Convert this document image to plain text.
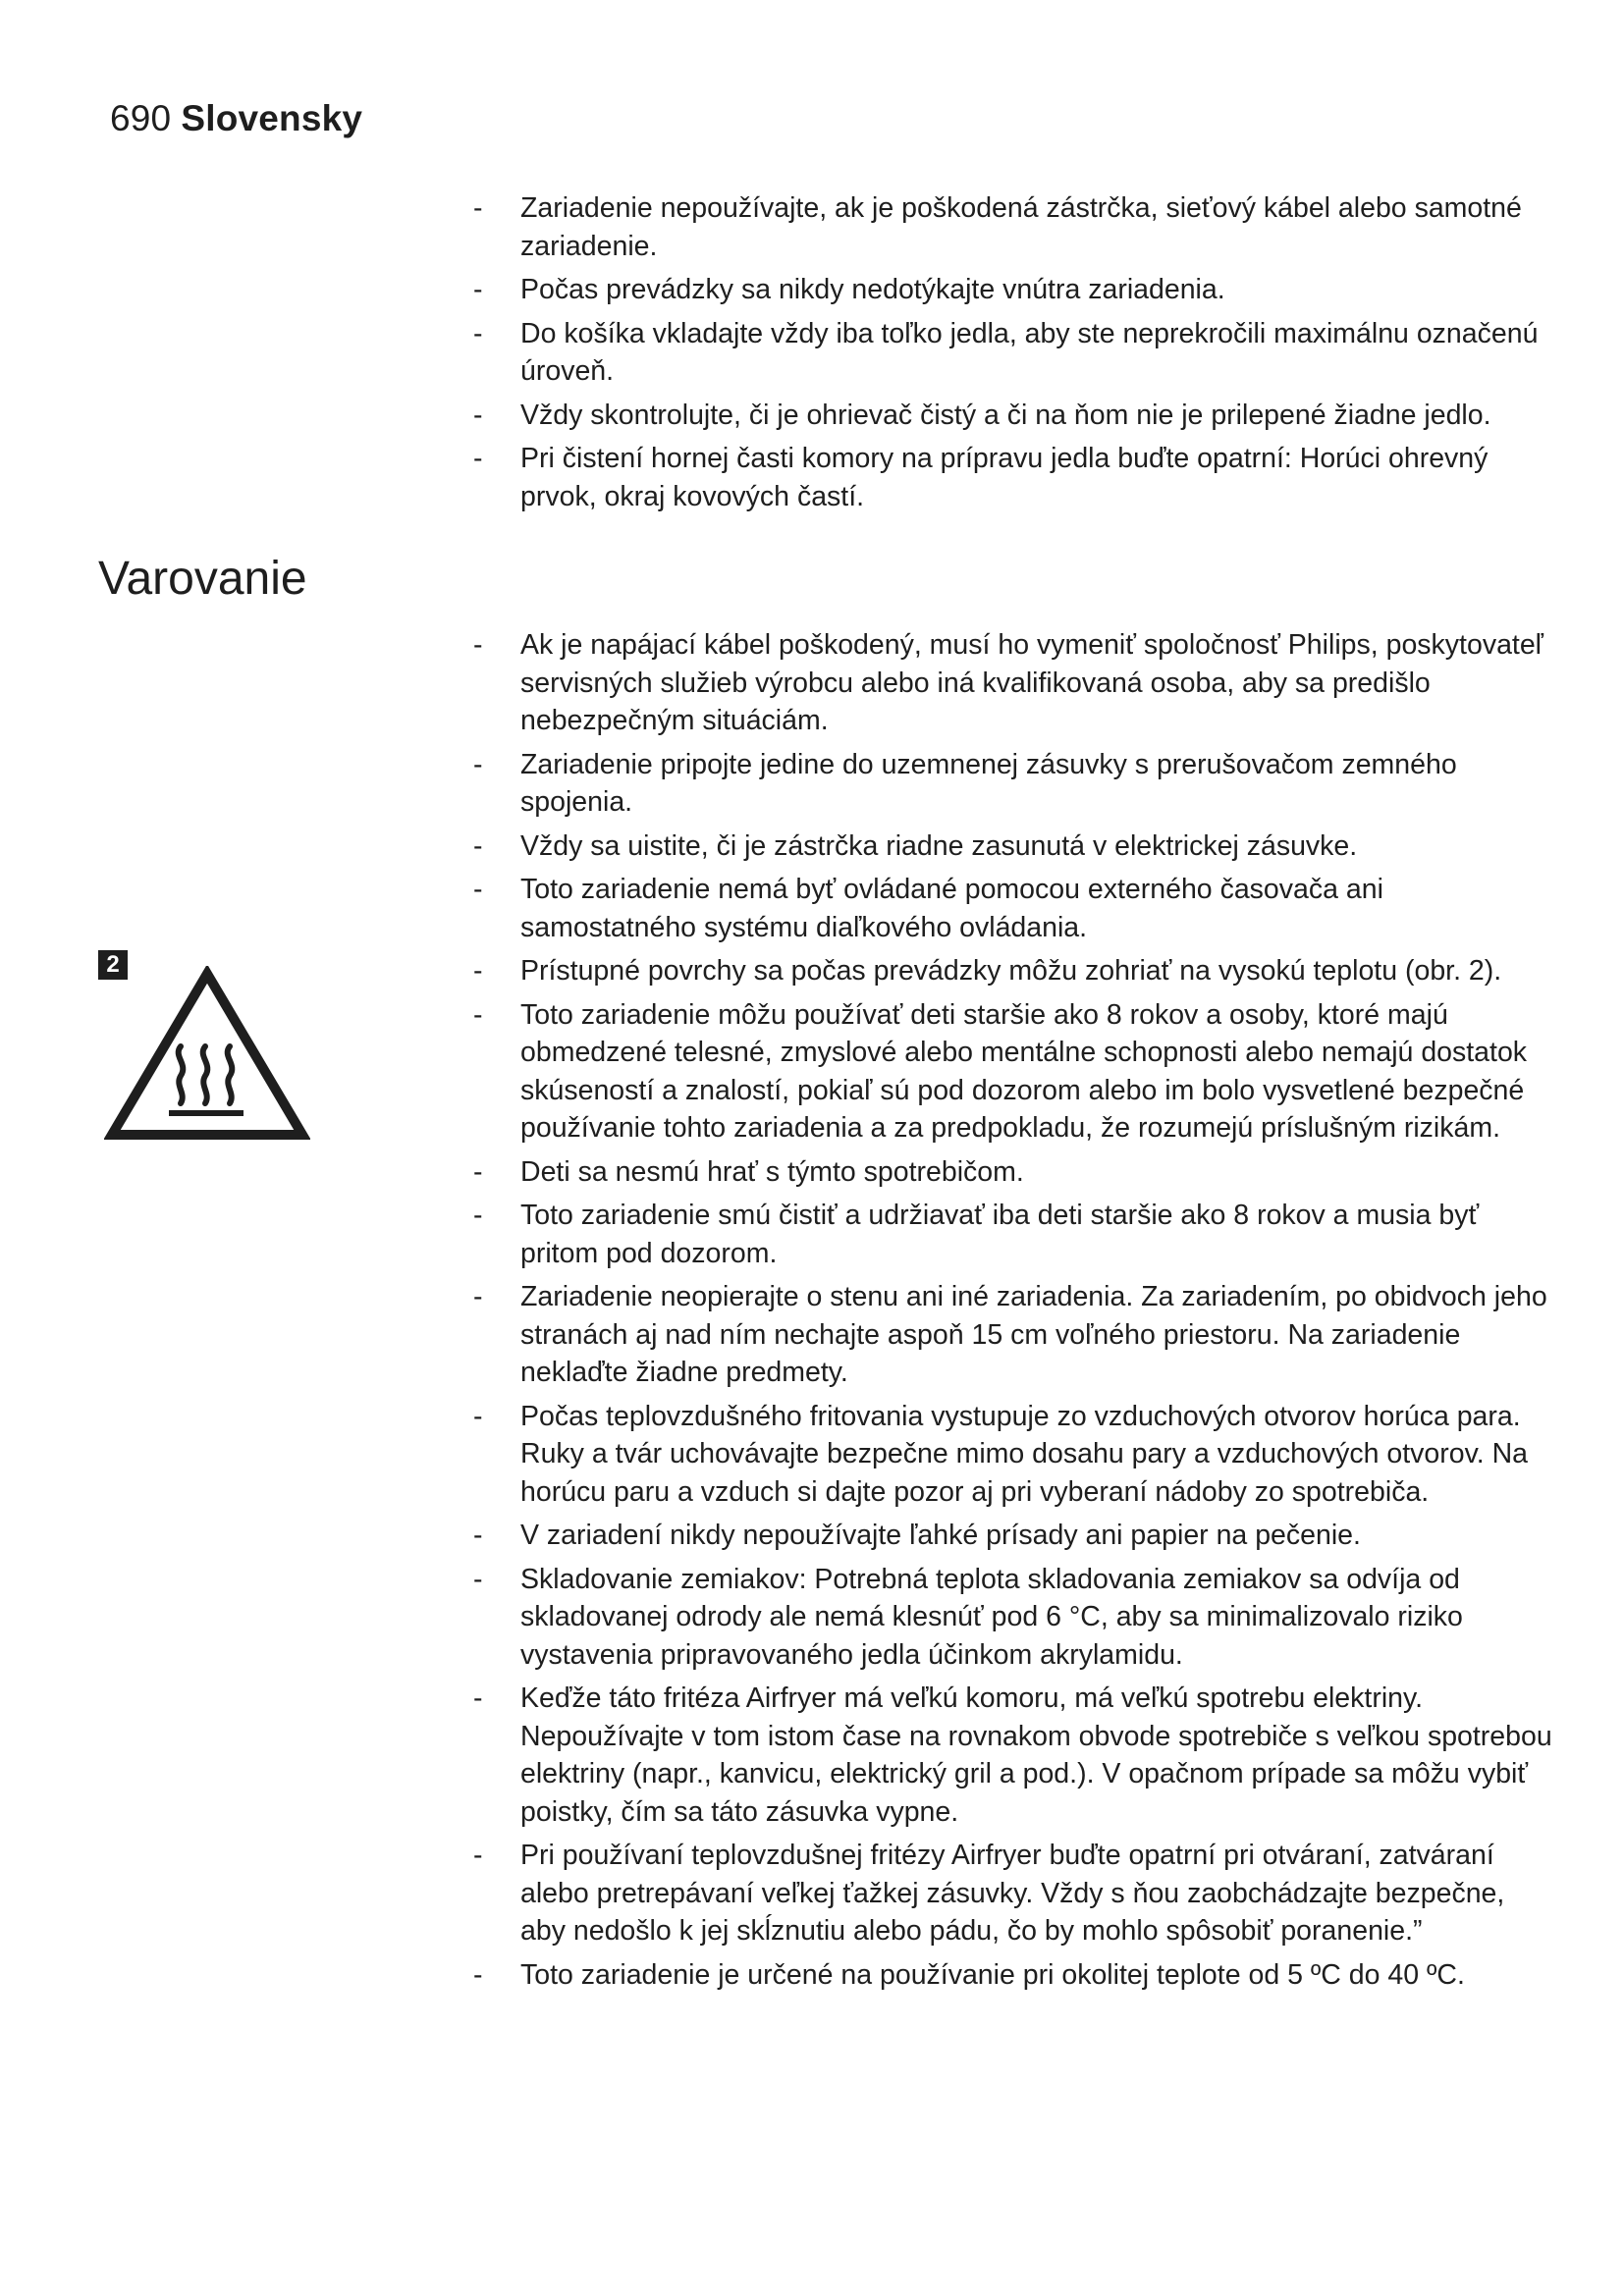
690 Slovensky
- Zariadenie nepoužívajte, ak je poškodená zástrčka, sieťový kábel alebo samotné zariadenie.
- Počas prevádzky sa nikdy nedotýkajte vnútra zariadenia.
- Do košíka vkladajte vždy iba toľko jedla, aby ste neprekročili maximálnu označenú úroveň.
- Vždy skontrolujte, či je ohrievač čistý a či na ňom nie je prilepené žiadne jedlo.
- Pri čistení hornej časti komory na prípravu jedla buďte opatrní: Horúci ohrevný prvok, okraj kovových častí.
Varovanie
2
- Ak je napájací kábel poškodený, musí ho vymeniť spoločnosť Philips, poskytovateľ servisných služieb výrobcu alebo iná kvalifikovaná osoba, aby sa predišlo nebezpečným situáciám.
- Zariadenie pripojte jedine do uzemnenej zásuvky s prerušovačom zemného spojenia.
- Vždy sa uistite, či je zástrčka riadne zasunutá v elektrickej zásuvke.
- Toto zariadenie nemá byť ovládané pomocou externého časovača ani samostatného systému diaľkového ovládania.
- Prístupné povrchy sa počas prevádzky môžu zohriať na vysokú teplotu (obr. 2).
- Toto zariadenie môžu používať deti staršie ako 8 rokov a osoby, ktoré majú obmedzené telesné, zmyslové alebo mentálne schopnosti alebo nemajú dostatok skúseností a znalostí, pokiaľ sú pod dozorom alebo im bolo vysvetlené bezpečné používanie tohto zariadenia a za predpokladu, že rozumejú príslušným rizikám.
- Deti sa nesmú hrať s týmto spotrebičom.
- Toto zariadenie smú čistiť a udržiavať iba deti staršie ako 8 rokov a musia byť pritom pod dozorom.
- Zariadenie neopierajte o stenu ani iné zariadenia. Za zariadením, po obidvoch jeho stranách aj nad ním nechajte aspoň 15 cm voľného priestoru. Na zariadenie neklaďte žiadne predmety.
- Počas teplovzdušného fritovania vystupuje zo vzduchových otvorov horúca para. Ruky a tvár uchovávajte bezpečne mimo dosahu pary a vzduchových otvorov. Na horúcu paru a vzduch si dajte pozor aj pri vyberaní nádoby zo spotrebiča.
- V zariadení nikdy nepoužívajte ľahké prísady ani papier na pečenie.
- Skladovanie zemiakov: Potrebná teplota skladovania zemiakov sa odvíja od skladovanej odrody ale nemá klesnúť pod 6 °C, aby sa minimalizovalo riziko vystavenia pripravovaného jedla účinkom akrylamidu.
- Keďže táto fritéza Airfryer má veľkú komoru, má veľkú spotrebu elektriny. Nepoužívajte v tom istom čase na rovnakom obvode spotrebiče s veľkou spotrebou elektriny (napr., kanvicu, elektrický gril a pod.). V opačnom prípade sa môžu vybiť poistky, čím sa táto zásuvka vypne.
- Pri používaní teplovzdušnej fritézy Airfryer buďte opatrní pri otváraní, zatváraní alebo pretrepávaní veľkej ťažkej zásuvky. Vždy s ňou zaobchádzajte bezpečne, aby nedošlo k jej skĺznutiu alebo pádu, čo by mohlo spôsobiť poranenie.”
- Toto zariadenie je určené na používanie pri okolitej teplote od 5 ºC do 40 ºC.
